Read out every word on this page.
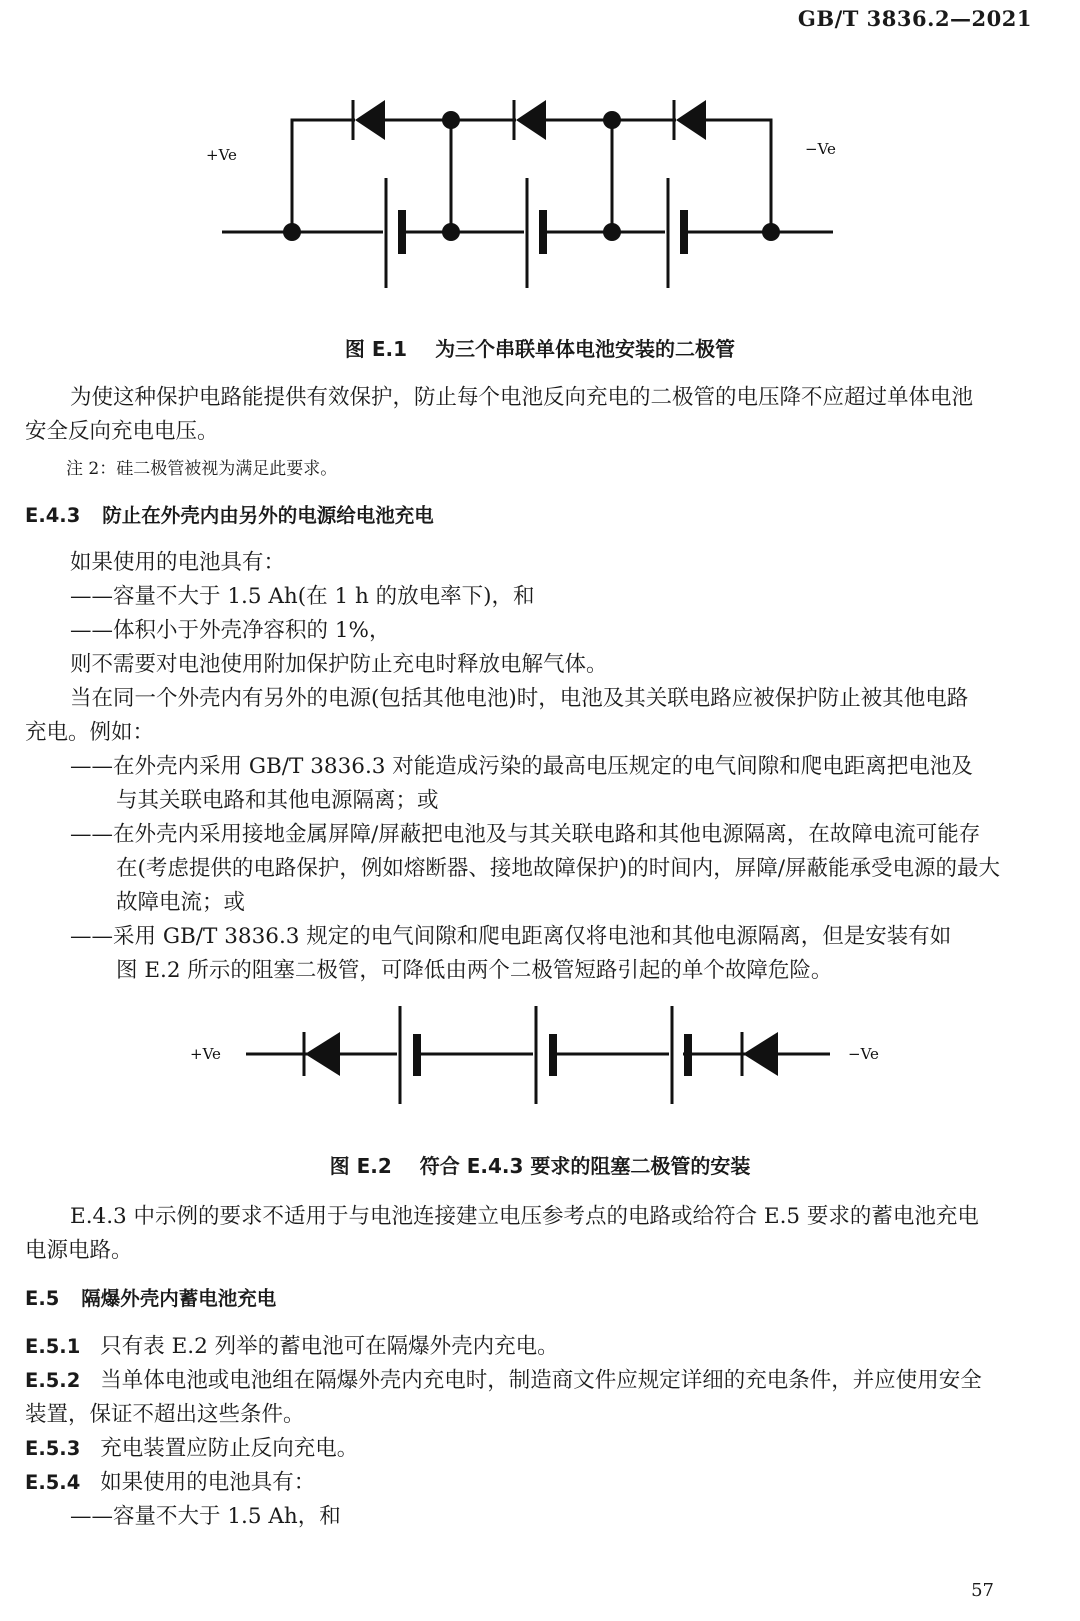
GB/T 3836.2—2021
+Ve	−Ve
图 E.1 为三个串联单体电池安装的二极管
为使这种保护电路能提供有效保护，防止每个电池反向充电的二极管的电压降不应超过单体电池
安全反向充电电压。
注 2：硅二极管被视为满足此要求。
E.4.3 防止在外壳内由另外的电源给电池充电
如果使用的电池具有：
——容量不大于 1.5 Ah(在 1 h 的放电率下)，和
——体积小于外壳净容积的 1%，
则不需要对电池使用附加保护防止充电时释放电解气体。
当在同一个外壳内有另外的电源(包括其他电池)时，电池及其关联电路应被保护防止被其他电路
充电。例如：
——在外壳内采用 GB/T 3836.3 对能造成污染的最高电压规定的电气间隙和爬电距离把电池及
与其关联电路和其他电源隔离；或
——在外壳内采用接地金属屏障/屏蔽把电池及与其关联电路和其他电源隔离，在故障电流可能存
在(考虑提供的电路保护，例如熔断器、接地故障保护)的时间内，屏障/屏蔽能承受电源的最大
故障电流；或
——采用 GB/T 3836.3 规定的电气间隙和爬电距离仅将电池和其他电源隔离，但是安装有如
图 E.2 所示的阻塞二极管，可降低由两个二极管短路引起的单个故障危险。
+Ve	−Ve
图 E.2 符合 E.4.3 要求的阻塞二极管的安装
E.4.3 中示例的要求不适用于与电池连接建立电压参考点的电路或给符合 E.5 要求的蓄电池充电
电源电路。
E.5 隔爆外壳内蓄电池充电
E.5.1 只有表 E.2 列举的蓄电池可在隔爆外壳内充电。
E.5.2 当单体电池或电池组在隔爆外壳内充电时，制造商文件应规定详细的充电条件，并应使用安全
装置，保证不超出这些条件。
E.5.3 充电装置应防止反向充电。
E.5.4 如果使用的电池具有：
——容量不大于 1.5 Ah，和
57
